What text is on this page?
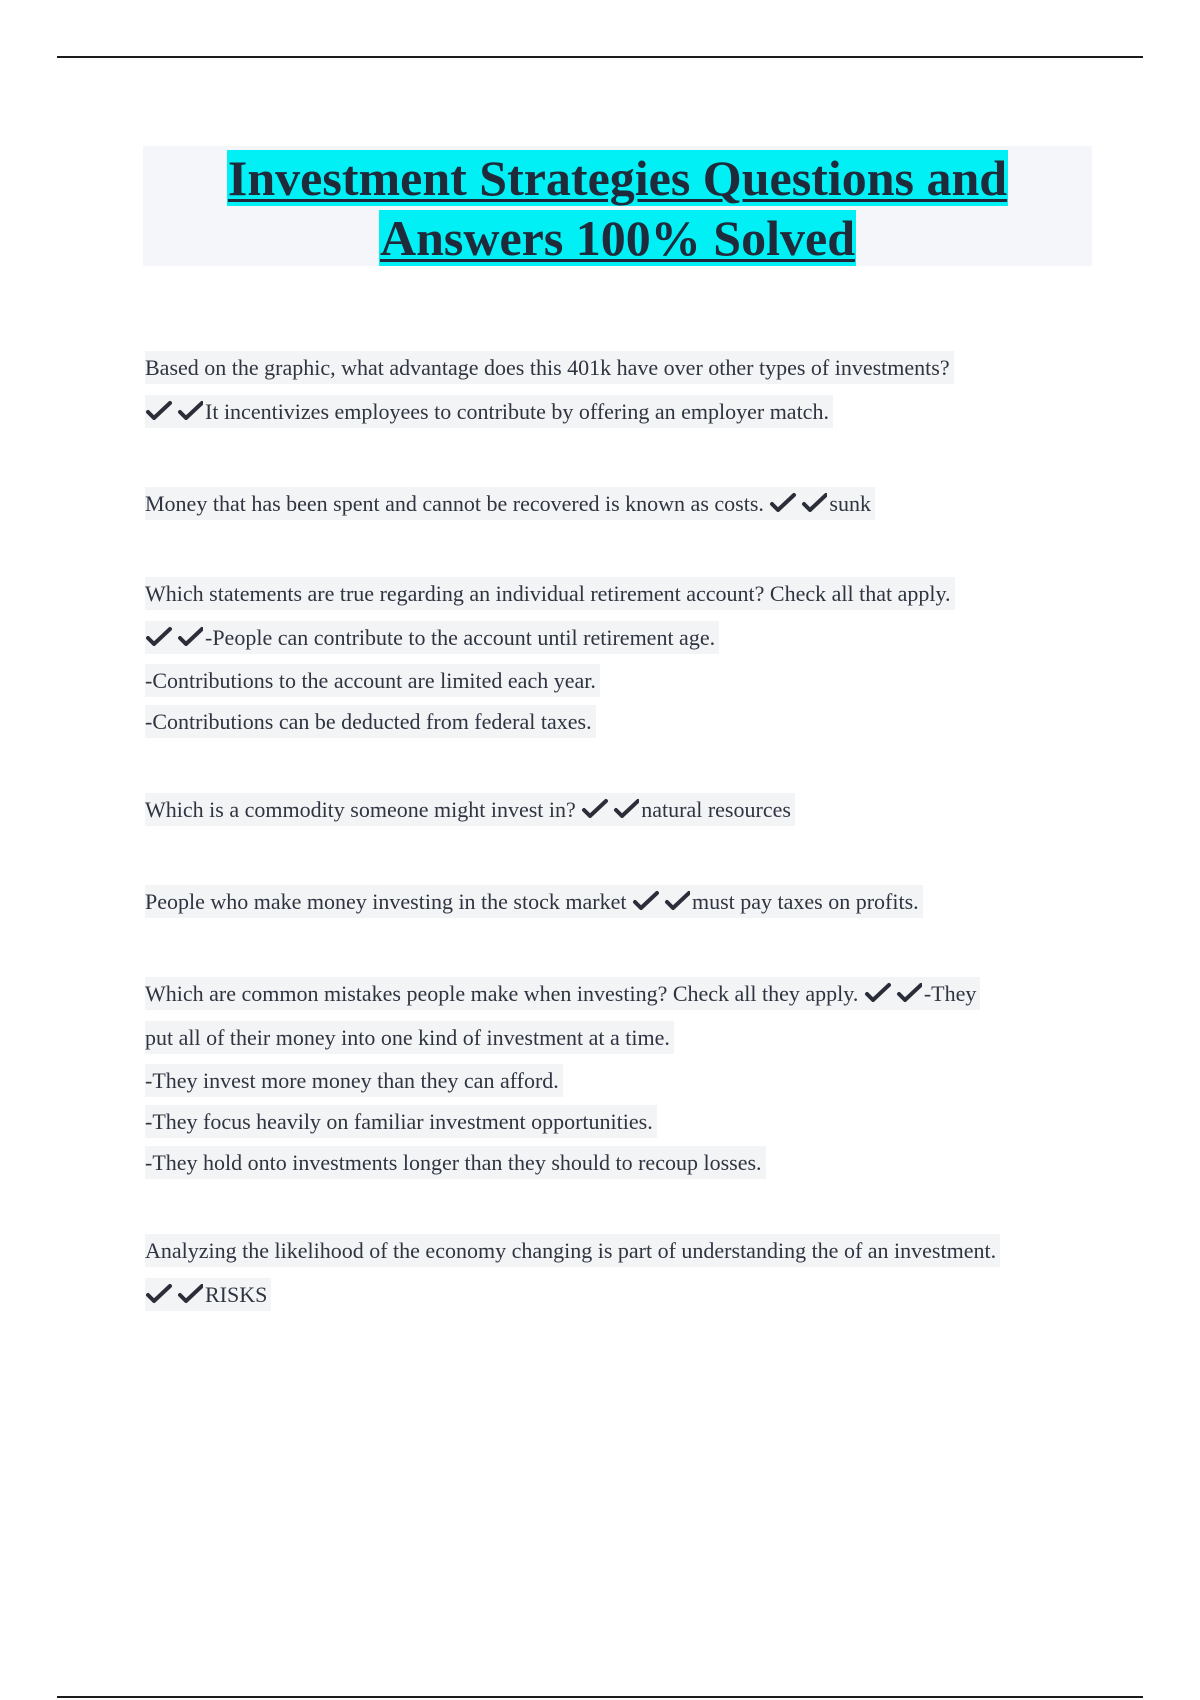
Investment Strategies Questions and
Answers 100% Solved
Based on the graphic, what advantage does this 401k have over other types of investments?
It incentivizes employees to contribute by offering an employer match.
Money that has been spent and cannot be recovered is known as costs.	sunk
Which statements are true regarding an individual retirement account? Check all that apply.
-People can contribute to the account until retirement age.
-Contributions to the account are limited each year.
-Contributions can be deducted from federal taxes.
Which is a commodity someone might invest in?	natural resources
People who make money investing in the stock market	must pay taxes on profits.
Which are common mistakes people make when investing? Check all they apply.	-They
put all of their money into one kind of investment at a time.
-They invest more money than they can afford.
-They focus heavily on familiar investment opportunities.
-They hold onto investments longer than they should to recoup losses.
Analyzing the likelihood of the economy changing is part of understanding the of an investment.
RISKS
